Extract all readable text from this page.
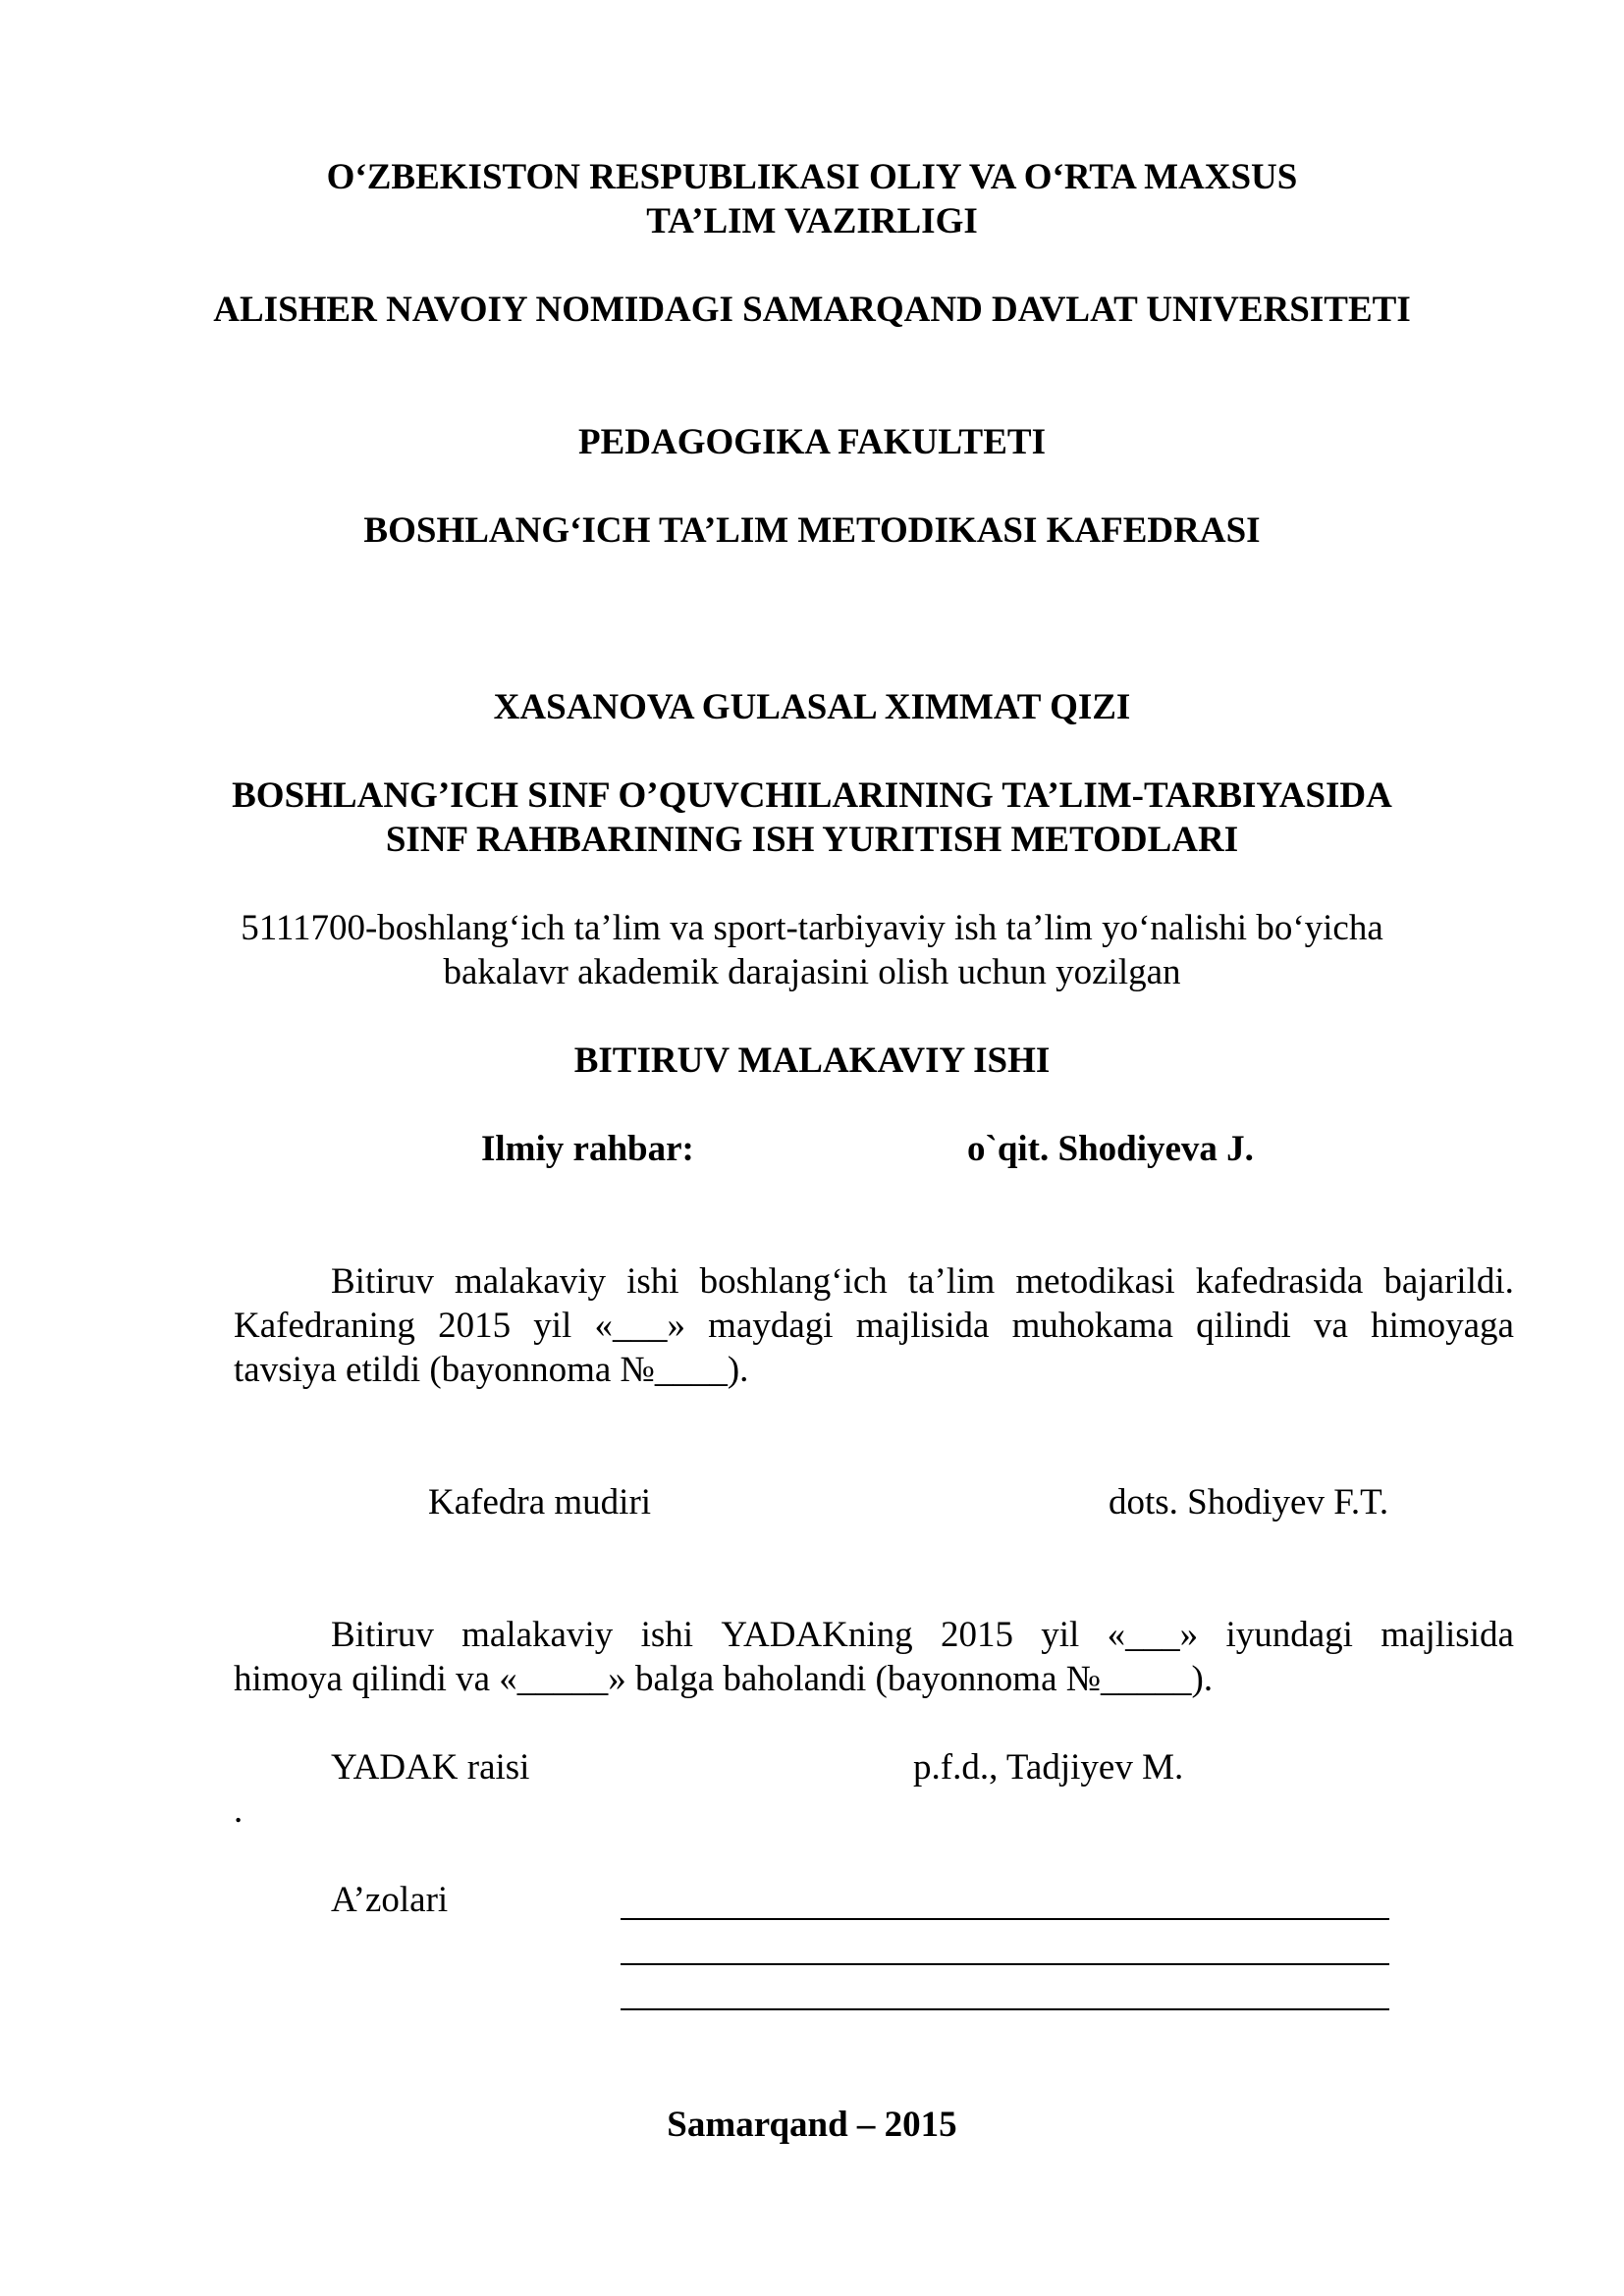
O‘ZBEKISTON RESPUBLIKASI OLIY VA O‘RTA MAXSUS
TA’LIM VAZIRLIGI
ALISHER NAVOIY NOMIDAGI SAMARQAND DAVLAT UNIVERSITETI
PEDAGOGIKA FAKULTETI
BOSHLANG‘ICH TA’LIM METODIKASI KAFEDRASI
XASANOVA GULASAL XIMMAT QIZI
BOSHLANG’ICH SINF O’QUVCHILARINING TA’LIM-TARBIYASIDA
SINF RAHBARINING ISH YURITISH METODLARI
5111700-boshlang‘ich ta’lim va sport-tarbiyaviy ish ta’lim yo‘nalishi bo‘yicha
bakalavr akademik darajasini olish uchun yozilgan
BITIRUV MALAKAVIY ISHI
Ilmiy rahbar:	o`qit. Shodiyeva J.
Bitiruv malakaviy ishi boshlang‘ich ta’lim metodikasi kafedrasida bajarildi.
Kafedraning 2015 yil «___» maydagi majlisida muhokama qilindi va himoyaga
tavsiya etildi (bayonnoma №____).
Kafedra mudiri	dots. Shodiyev F.T.
Bitiruv malakaviy ishi YADAKning 2015 yil «___» iyundagi majlisida
himoya qilindi va «_____» balga baholandi (bayonnoma №_____).
YADAK raisi	p.f.d., Tadjiyev M.
.
A’zolari
Samarqand – 2015
